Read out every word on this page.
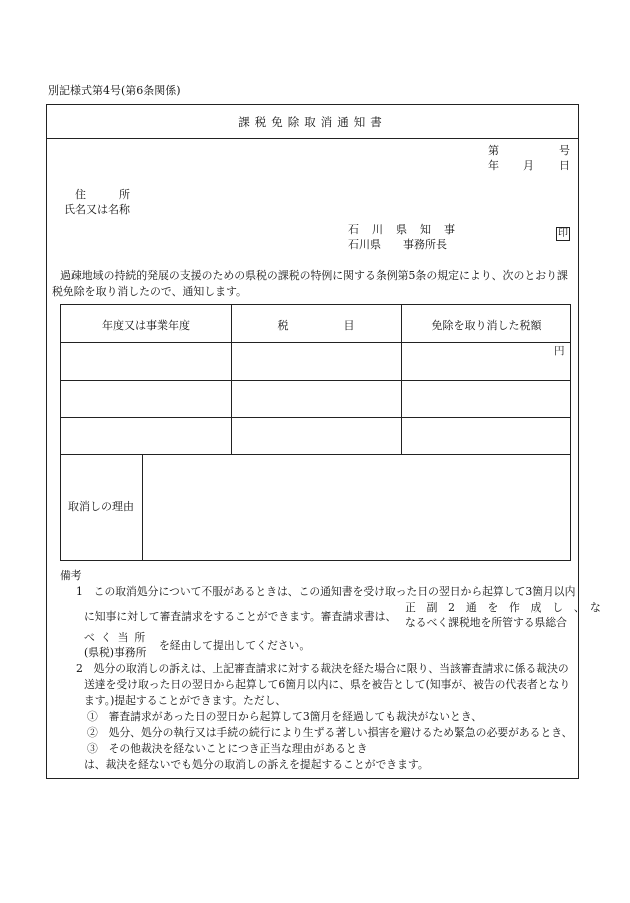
別記様式第4号(第6条関係)
課税免除取消通知書
第	号
年 月 日
住　　　所
氏名又は名称
石　川　県　知　事
石川県　　事務所長
印
過疎地域の持続的発展の支援のための県税の課税の特例に関する条例第5条の規定により、次のとおり課
税免除を取り消したので、通知します。
年度又は事業年度	税　　　　　目	免除を取り消した税額
円
取消しの理由
備考
1　この取消処分について不服があるときは、この通知書を受け取った日の翌日から起算して3箇月以内
に知事に対して審査請求をすることができます。審査請求書は、
正　副　2　通　を　作　成　し　、　な
なるべく課税地を所管する県総合
べく当所
(県税)事務所
を経由して提出してください。
2　処分の取消しの訴えは、上記審査請求に対する裁決を経た場合に限り、当該審査請求に係る裁決の
送達を受け取った日の翌日から起算して6箇月以内に、県を被告として(知事が、被告の代表者となり
ます。)提起することができます。ただし、
①　審査請求があった日の翌日から起算して3箇月を経過しても裁決がないとき、
②　処分、処分の執行又は手続の続行により生ずる著しい損害を避けるため緊急の必要があるとき、
③　その他裁決を経ないことにつき正当な理由があるとき
は、裁決を経ないでも処分の取消しの訴えを提起することができます。
